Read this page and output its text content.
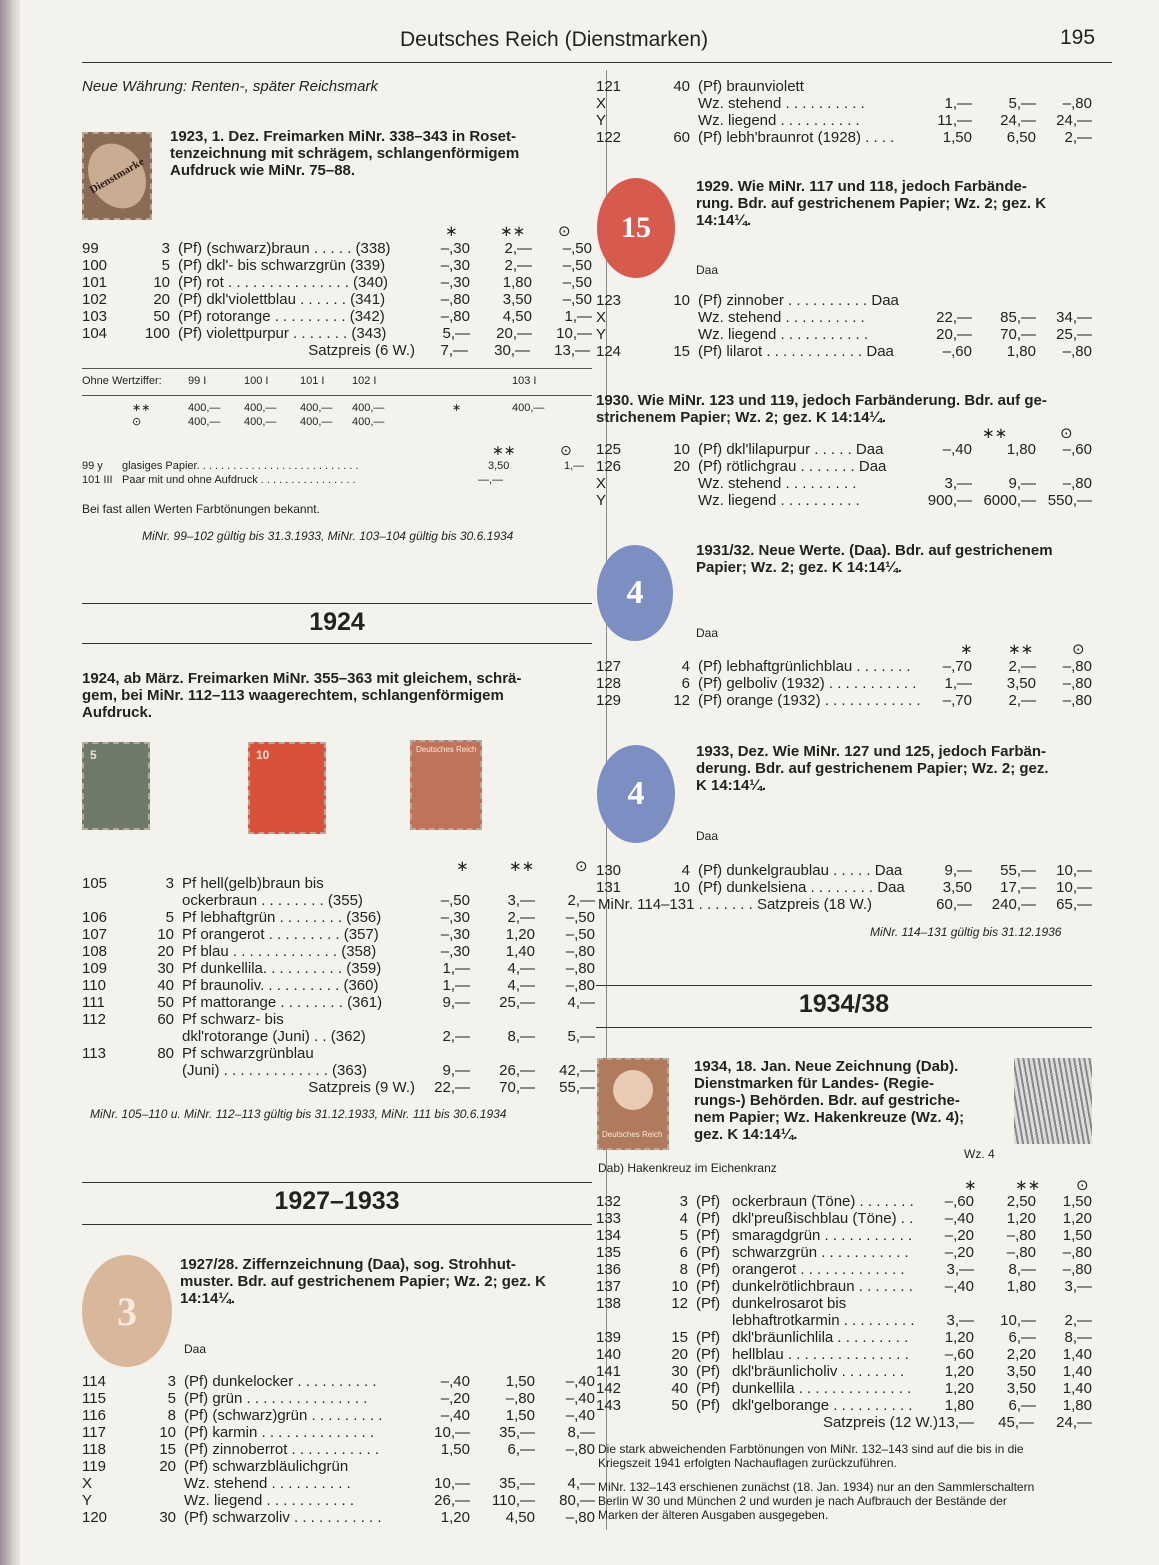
Deutsches Reich (Dienstmarken)	195
Neue Währung: Renten-, später Reichsmark
Dienstmarke
1923, 1. Dez. Freimarken MiNr. 338–343 in Roset-
tenzeichnung mit schrägem, schlangenförmigem
Aufdruck wie MiNr. 75–88.
∗	∗∗ ⊙
99	3 (Pf) (schwarz)braun . . . . . (338)	–,30	2,—	–,50
100	5 (Pf) dkl'- bis schwarzgrün (339)	–,30	2,—	–,50
101	10 (Pf) rot . . . . . . . . . . . . . . . (340)	–,30	1,80	–,50
102	20 (Pf) dkl'violettblau . . . . . . (341)	–,80	3,50	–,50
103	50 (Pf) rotorange . . . . . . . . . (342)	–,80	4,50	1,—
104	100 (Pf) violettpurpur . . . . . . . (343)	5,—	20,—	10,—
Satzpreis (6 W.)	7,—	30,—	13,—
Ohne Wertziffer: 99 I	100 I	101 I	102 I	103 I
∗∗	400,— 400,— 400,— 400,—	∗	400,—
⊙	400,— 400,— 400,— 400,—
∗∗	⊙
99 y glasiges Papier. . . . . . . . . . . . . . . . . . . . . . . . . . .	3,50	1,—
101 III Paar mit und ohne Aufdruck . . . . . . . . . . . . . . . .	—,—
Bei fast allen Werten Farbtönungen bekannt.
MiNr. 99–102 gültig bis 31.3.1933, MiNr. 103–104 gültig bis 30.6.1934
1924
1924, ab März. Freimarken MiNr. 355–363 mit gleichem, schrä-
gem, bei MiNr. 112–113 waagerechtem, schlangenförmigem
Aufdruck.
5	10	Deutsches Reich
∗	∗∗	⊙
105	3 Pf hell(gelb)braun bis
ockerbraun . . . . . . . . (355)	–,50	3,—	2,—
106	5 Pf lebhaftgrün . . . . . . . . (356)	–,30	2,—	–,50
107	10 Pf orangerot . . . . . . . . . (357)	–,30	1,20	–,50
108	20 Pf blau . . . . . . . . . . . . . (358)	–,30	1,40	–,80
109	30 Pf dunkellila. . . . . . . . . . (359)	1,—	4,—	–,80
110	40 Pf braunoliv. . . . . . . . . . (360)	1,—	4,—	–,80
111	50 Pf mattorange . . . . . . . . (361)	9,—	25,—	4,—
112	60 Pf schwarz- bis
dkl'rotorange (Juni) . . (362)	2,—	8,—	5,—
113	80 Pf schwarzgrünblau
(Juni) . . . . . . . . . . . . . (363)	9,—	26,—	42,—
Satzpreis (9 W.)	22,—	70,—	55,—
MiNr. 105–110 u. MiNr. 112–113 gültig bis 31.12.1933, MiNr. 111 bis 30.6.1934
1927–1933
3
1927/28. Ziffernzeichnung (Daa), sog. Strohhut-
muster. Bdr. auf gestrichenem Papier; Wz. 2; gez. K
14:14¼.
Daa
114	3 (Pf) dunkelocker . . . . . . . . . .	–,40	1,50	–,40
115	5 (Pf) grün . . . . . . . . . . . . . . .	–,20	–,80	–,40
116	8 (Pf) (schwarz)grün . . . . . . . . .	–,40	1,50	–,40
117	10 (Pf) karmin . . . . . . . . . . . . . .	10,—	35,—	8,—
118	15 (Pf) zinnoberrot . . . . . . . . . . .	1,50	6,—	–,80
119	20 (Pf) schwarzbläulichgrün
X	Wz. stehend . . . . . . . . . .	10,—	35,—	4,—
Y	Wz. liegend . . . . . . . . . . .	26,—	110,—	80,—
120	30 (Pf) schwarzoliv . . . . . . . . . . .	1,20	4,50	–,80
121	40 (Pf) braunviolett
X	Wz. stehend . . . . . . . . . .	1,—	5,—	–,80
Y	Wz. liegend . . . . . . . . . .	11,—	24,—	24,—
122	60 (Pf) lebh'braunrot (1928) . . . .	1,50	6,50	2,—
15
1929. Wie MiNr. 117 und 118, jedoch Farbände-
rung. Bdr. auf gestrichenem Papier; Wz. 2; gez. K
14:14¼.
Daa
123	10 (Pf) zinnober . . . . . . . . . . Daa
X	Wz. stehend . . . . . . . . . .	22,—	85,—	34,—
Y	Wz. liegend . . . . . . . . . . .	20,—	70,—	25,—
124	15 (Pf) lilarot . . . . . . . . . . . . Daa	–,60	1,80	–,80
1930. Wie MiNr. 123 und 119, jedoch Farbänderung. Bdr. auf ge-
strichenem Papier; Wz. 2; gez. K 14:14¼.
∗∗	⊙
125	10 (Pf) dkl'lilapurpur . . . . . Daa	–,40	1,80	–,60
126	20 (Pf) rötlichgrau . . . . . . . Daa
X	Wz. stehend . . . . . . . . .	3,—	9,—	–,80
Y	Wz. liegend . . . . . . . . . .	900,— 6000,— 550,—
4
1931/32. Neue Werte. (Daa). Bdr. auf gestrichenem
Papier; Wz. 2; gez. K 14:14¼.
Daa
∗ ∗∗	⊙
127	4 (Pf) lebhaftgrünlichblau . . . . . . .	–,70	2,—	–,80
128	6 (Pf) gelboliv (1932) . . . . . . . . . . .	1,—	3,50	–,80
129	12 (Pf) orange (1932) . . . . . . . . . . . .	–,70	2,—	–,80
4
1933, Dez. Wie MiNr. 127 und 125, jedoch Farbän-
derung. Bdr. auf gestrichenem Papier; Wz. 2; gez.
K 14:14¼.
Daa
130	4 (Pf) dunkelgraublau . . . . . Daa	9,—	55,—	10,—
131	10 (Pf) dunkelsiena . . . . . . . . Daa	3,50	17,—	10,—
MiNr. 114–131 . . . . . . . Satzpreis (18 W.)	60,—	240,—	65,—
MiNr. 114–131 gültig bis 31.12.1936
1934/38
Deutsches Reich
1934, 18. Jan. Neue Zeichnung (Dab).
Dienstmarken für Landes- (Regie-
rungs-) Behörden. Bdr. auf gestriche-
nem Papier; Wz. Hakenkreuze (Wz. 4);
gez. K 14:14¼.
Wz. 4
Dab) Hakenkreuz im Eichenkranz
∗	∗∗ ⊙
132	3 (Pf) ockerbraun (Töne) . . . . . . .	–,60	2,50	1,50
133	4 (Pf) dkl'preußischblau (Töne) . .	–,40	1,20	1,20
134	5 (Pf) smaragdgrün . . . . . . . . . . .	–,20	–,80	1,50
135	6 (Pf) schwarzgrün . . . . . . . . . . .	–,20	–,80	–,80
136	8 (Pf) orangerot . . . . . . . . . . . . .	3,—	8,—	–,80
137	10 (Pf) dunkelrötlichbraun . . . . . . .	–,40	1,80	3,—
138	12 (Pf) dunkelrosarot bis
lebhaftrotkarmin . . . . . . . . .	3,—	10,—	2,—
139	15 (Pf) dkl'bräunlichlila . . . . . . . . .	1,20	6,—	8,—
140	20 (Pf) hellblau . . . . . . . . . . . . . . .	–,60	2,20	1,40
141	30 (Pf) dkl'bräunlicholiv . . . . . . . .	1,20	3,50	1,40
142	40 (Pf) dunkellila . . . . . . . . . . . . . .	1,20	3,50	1,40
143	50 (Pf) dkl'gelborange . . . . . . . . . .	1,80	6,—	1,80
Satzpreis (12 W.) 13,—	45,—	24,—
Die stark abweichenden Farbtönungen von MiNr. 132–143 sind auf die bis in die
Kriegszeit 1941 erfolgten Nachauflagen zurückzuführen.
MiNr. 132–143 erschienen zunächst (18. Jan. 1934) nur an den Sammlerschaltern
Berlin W 30 und München 2 und wurden je nach Aufbrauch der Bestände der
Marken der älteren Ausgaben ausgegeben.
